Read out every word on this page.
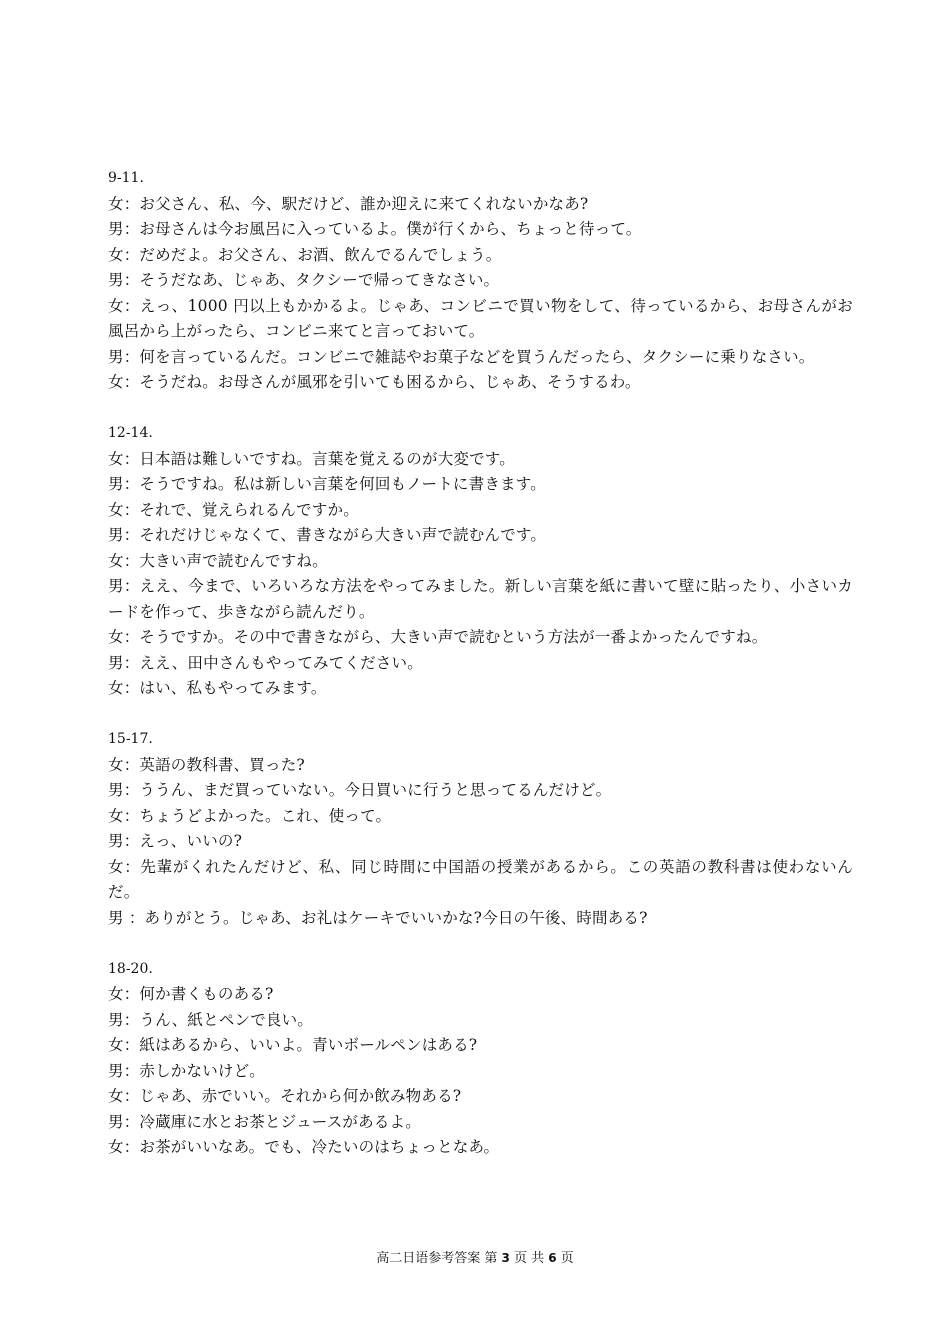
9-11.
女：お父さん、私、今、駅だけど、誰か迎えに来てくれないかなあ?
男：お母さんは今お風呂に入っているよ。僕が行くから、ちょっと待って。
女：だめだよ。お父さん、お酒、飲んでるんでしょう。
男：そうだなあ、じゃあ、タクシーで帰ってきなさい。
女：えっ、1000 円以上もかかるよ。じゃあ、コンビニで買い物をして、待っているから、お母さんがお風呂から上がったら、コンビニ来てと言っておいて。
男：何を言っているんだ。コンビニで雑誌やお菓子などを買うんだったら、タクシーに乗りなさい。
女：そうだね。お母さんが風邪を引いても困るから、じゃあ、そうするわ。
12-14.
女：日本語は難しいですね。言葉を覚えるのが大変です。
男：そうですね。私は新しい言葉を何回もノートに書きます。
女：それで、覚えられるんですか。
男：それだけじゃなくて、書きながら大きい声で読むんです。
女：大きい声で読むんですね。
男：ええ、今まで、いろいろな方法をやってみました。新しい言葉を紙に書いて壁に貼ったり、小さいカードを作って、歩きながら読んだり。
女：そうですか。その中で書きながら、大きい声で読むという方法が一番よかったんですね。
男：ええ、田中さんもやってみてください。
女：はい、私もやってみます。
15-17.
女：英語の教科書、買った?
男：ううん、まだ買っていない。今日買いに行うと思ってるんだけど。
女：ちょうどよかった。これ、使って。
男：えっ、いいの?
女：先輩がくれたんだけど、私、同じ時間に中国語の授業があるから。この英語の教科書は使わないんだ。
男 ：ありがとう。じゃあ、お礼はケーキでいいかな?今日の午後、時間ある?
18-20.
女：何か書くものある?
男：うん、紙とペンで良い。
女：紙はあるから、いいよ。青いボールペンはある?
男：赤しかないけど。
女：じゃあ、赤でいい。それから何か飲み物ある?
男：冷蔵庫に水とお茶とジュースがあるよ。
女：お茶がいいなあ。でも、冷たいのはちょっとなあ。
高二日语参考答案 第 3 页 共 6 页
